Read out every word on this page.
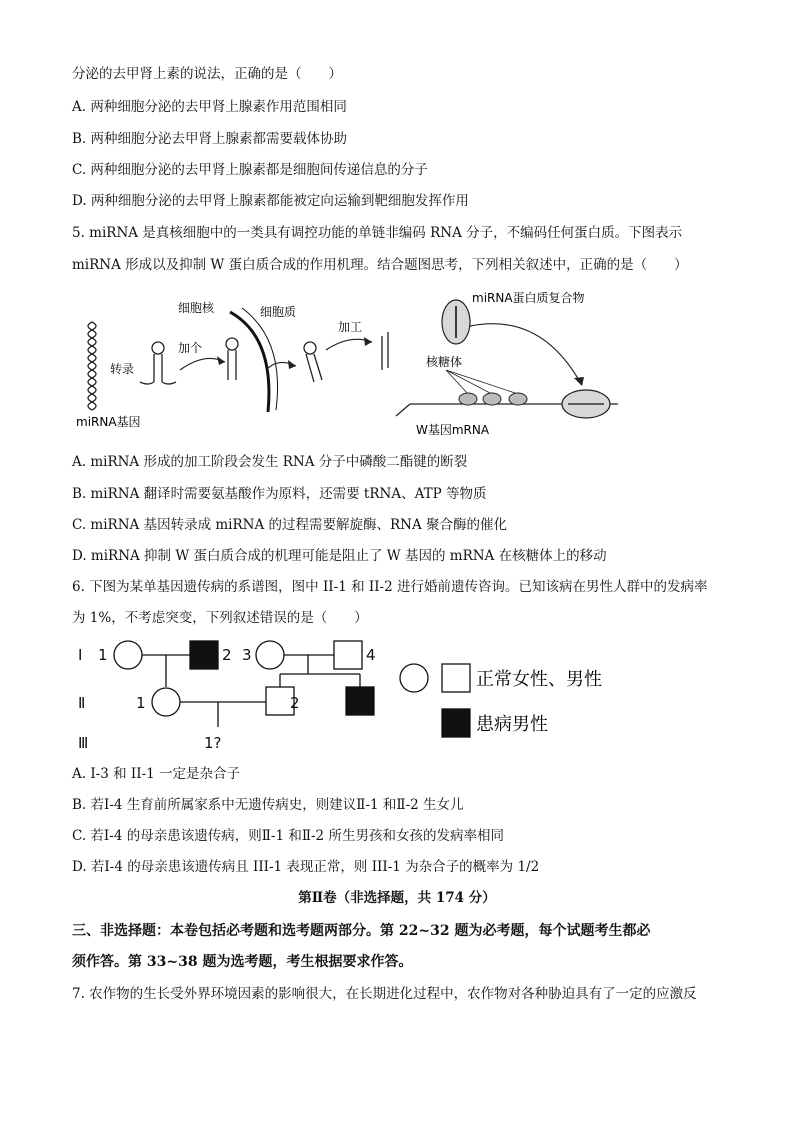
分泌的去甲肾上素的说法，正确的是（　　）
A. 两种细胞分泌的去甲肾上腺素作用范围相同
B. 两种细胞分泌去甲肾上腺素都需要载体协助
C. 两种细胞分泌的去甲肾上腺素都是细胞间传递信息的分子
D. 两种细胞分泌的去甲肾上腺素都能被定向运输到靶细胞发挥作用
5. miRNA 是真核细胞中的一类具有调控功能的单链非编码 RNA 分子，不编码任何蛋白质。下图表示
miRNA 形成以及抑制 W 蛋白质合成的作用机理。结合题图思考，下列相关叙述中，正确的是（　　）
转录
miRNA基因
细胞核
加个
细胞质
加工
miRNA蛋白质复合物
核糖体
W基因mRNA
A. miRNA 形成的加工阶段会发生 RNA 分子中磷酸二酯键的断裂
B. miRNA 翻译时需要氨基酸作为原料，还需要 tRNA、ATP 等物质
C. miRNA 基因转录成 miRNA 的过程需要解旋酶、RNA 聚合酶的催化
D. miRNA 抑制 W 蛋白质合成的机理可能是阻止了 W 基因的 mRNA 在核糖体上的移动
6. 下图为某单基因遗传病的系谱图，图中 II-1 和 II-2 进行婚前遗传咨询。已知该病在男性人群中的发病率
为 1%，不考虑突变，下列叙述错误的是（　　）
Ⅰ
Ⅱ
Ⅲ
1	2 3	4
1	2	3
1?
正常女性、男性
患病男性
A. Ⅰ-3 和 II-1 一定是杂合子
B. 若Ⅰ-4 生育前所属家系中无遗传病史，则建议Ⅱ-1 和Ⅱ-2 生女儿
C. 若Ⅰ-4 的母亲患该遗传病，则Ⅱ-1 和Ⅱ-2 所生男孩和女孩的发病率相同
D. 若Ⅰ-4 的母亲患该遗传病且 III-1 表现正常，则 III-1 为杂合子的概率为 1/2
第Ⅱ卷（非选择题，共 174 分）
三、非选择题：本卷包括必考题和选考题两部分。第 22~32 题为必考题，每个试题考生都必
须作答。第 33~38 题为选考题，考生根据要求作答。
7. 农作物的生长受外界环境因素的影响很大，在长期进化过程中，农作物对各种胁迫具有了一定的应激反
